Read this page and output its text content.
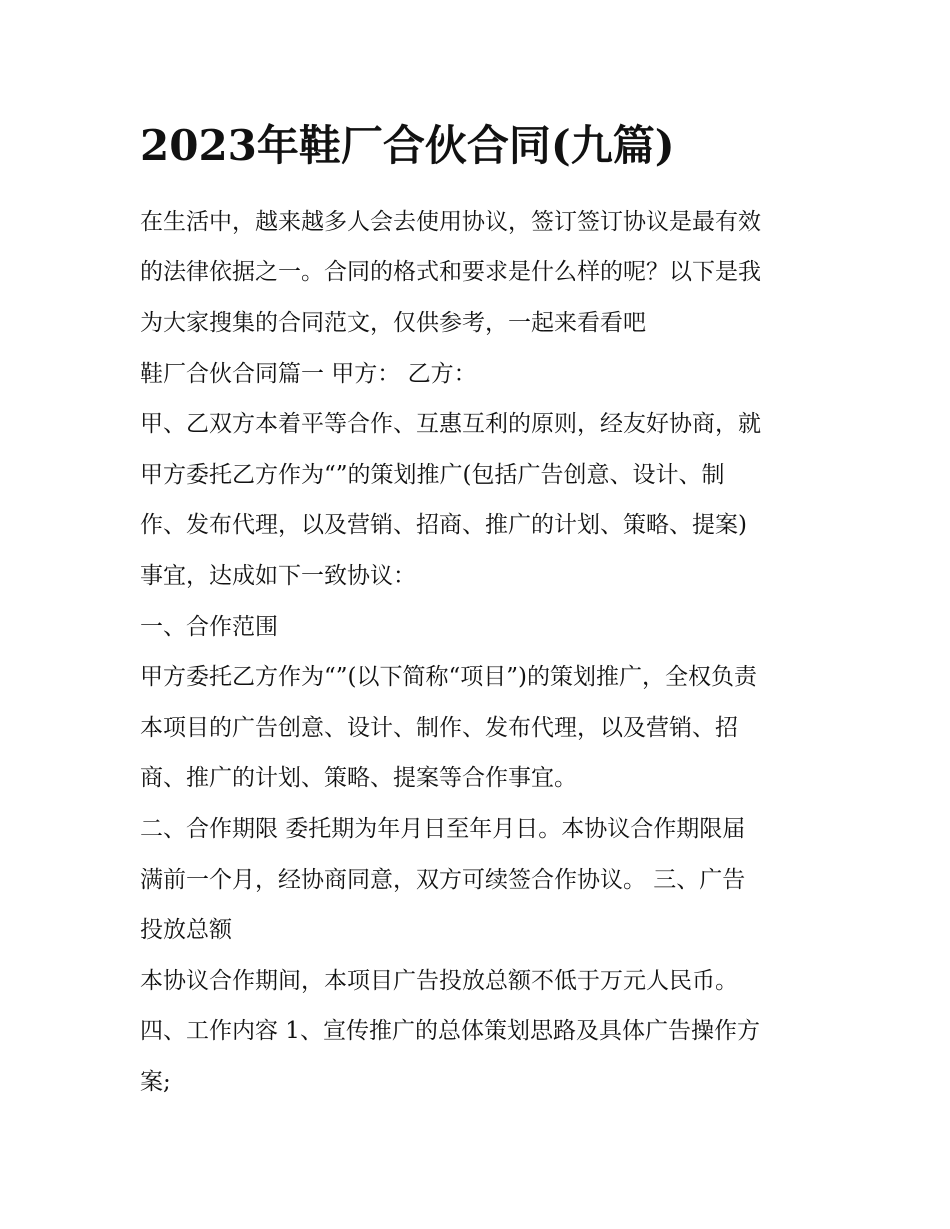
2023年鞋厂合伙合同(九篇)
在生活中，越来越多人会去使用协议，签订签订协议是最有效
的法律依据之一。合同的格式和要求是什么样的呢？以下是我
为大家搜集的合同范文，仅供参考，一起来看看吧
鞋厂合伙合同篇一 甲方： 乙方：
甲、乙双方本着平等合作、互惠互利的原则，经友好协商，就
甲方委托乙方作为“”的策划推广(包括广告创意、设计、制
作、发布代理，以及营销、招商、推广的计划、策略、提案)
事宜，达成如下一致协议：
一、合作范围
甲方委托乙方作为“”(以下简称“项目”)的策划推广，全权负责
本项目的广告创意、设计、制作、发布代理，以及营销、招
商、推广的计划、策略、提案等合作事宜。
二、合作期限 委托期为年月日至年月日。本协议合作期限届
满前一个月，经协商同意，双方可续签合作协议。 三、广告
投放总额
本协议合作期间，本项目广告投放总额不低于万元人民币。
四、工作内容 1、宣传推广的总体策划思路及具体广告操作方
案;
